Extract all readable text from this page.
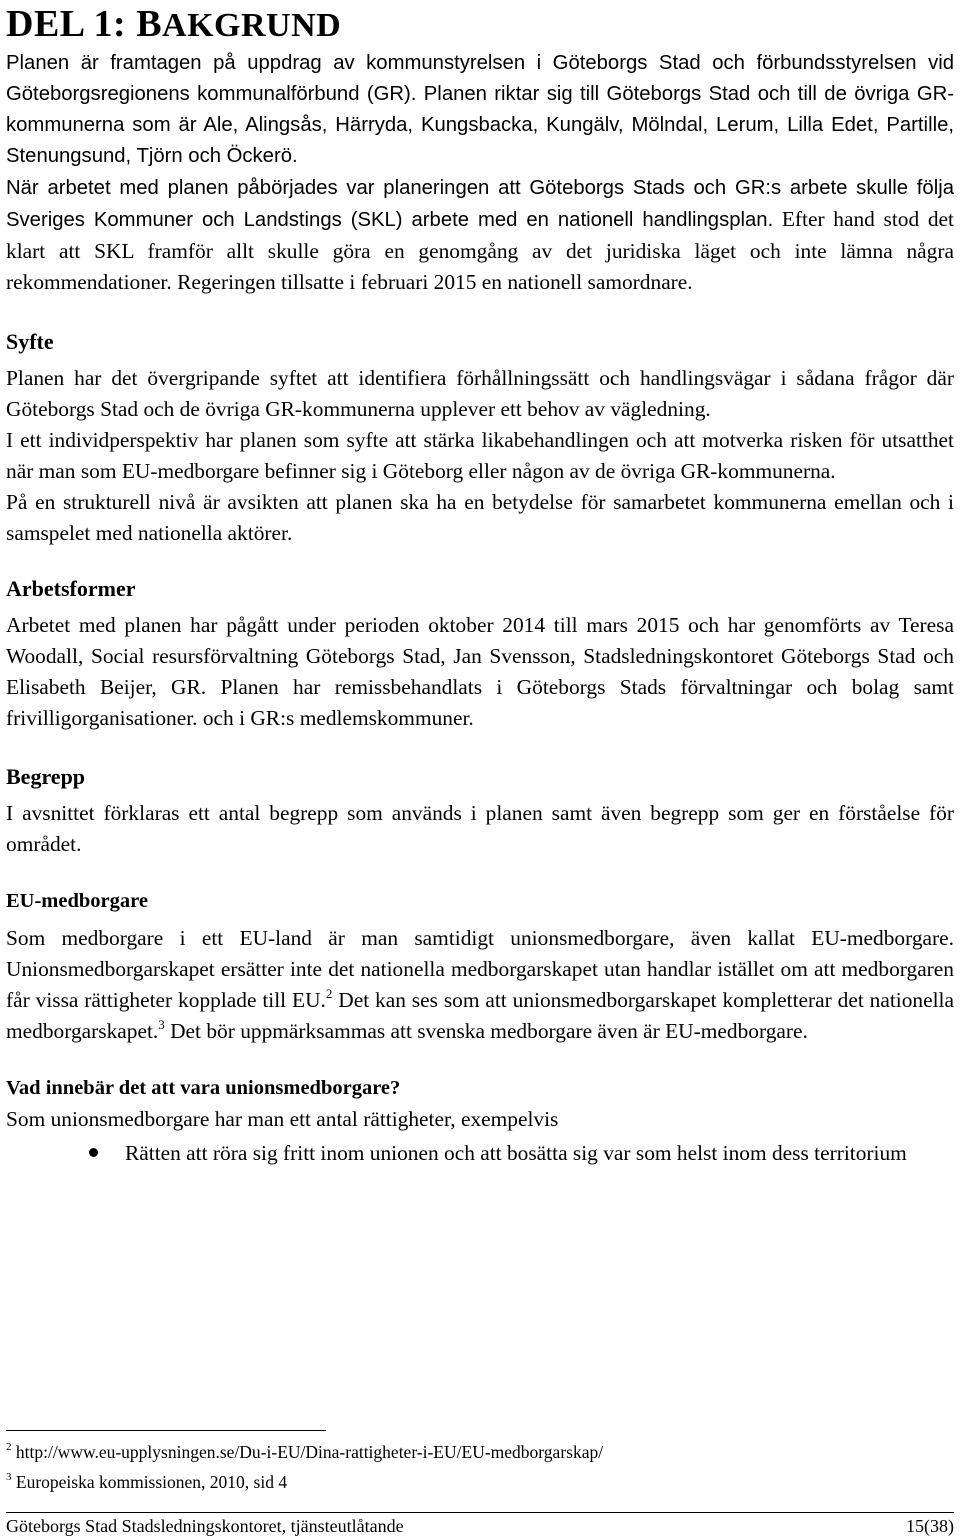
DEL 1: BAKGRUND

Planen är framtagen på uppdrag av kommunstyrelsen i Göteborgs Stad och förbundsstyrelsen vid Göteborgsregionens kommunalförbund (GR). Planen riktar sig till Göteborgs Stad och till de övriga GR-kommunerna som är Ale, Alingsås, Härryda, Kungsbacka, Kungälv, Mölndal, Lerum, Lilla Edet, Partille, Stenungsund, Tjörn och Öckerö.

När arbetet med planen påbörjades var planeringen att Göteborgs Stads och GR:s arbete skulle följa Sveriges Kommuner och Landstings (SKL) arbete med en nationell handlingsplan. Efter hand stod det klart att SKL framför allt skulle göra en genomgång av det juridiska läget och inte lämna några rekommendationer. Regeringen tillsatte i februari 2015 en nationell samordnare.

Syfte

Planen har det övergripande syftet att identifiera förhållningssätt och handlingsvägar i sådana frågor där Göteborgs Stad och de övriga GR-kommunerna upplever ett behov av vägledning.

I ett individperspektiv har planen som syfte att stärka likabehandlingen och att motverka risken för utsatthet när man som EU-medborgare befinner sig i Göteborg eller någon av de övriga GR-kommunerna.

På en strukturell nivå är avsikten att planen ska ha en betydelse för samarbetet kommunerna emellan och i samspelet med nationella aktörer.

Arbetsformer

Arbetet med planen har pågått under perioden oktober 2014 till mars 2015 och har genomförts av Teresa Woodall, Social resursförvaltning Göteborgs Stad, Jan Svensson, Stadsledningskontoret Göteborgs Stad och Elisabeth Beijer, GR. Planen har remissbehandlats i Göteborgs Stads förvaltningar och bolag samt frivilligorganisationer. och i GR:s medlemskommuner.

Begrepp

I avsnittet förklaras ett antal begrepp som används i planen samt även begrepp som ger en förståelse för området.

EU-medborgare

Som medborgare i ett EU-land är man samtidigt unionsmedborgare, även kallat EU-medborgare. Unionsmedborgarskapet ersätter inte det nationella medborgarskapet utan handlar istället om att medborgaren får vissa rättigheter kopplade till EU.$^2$ Det kan ses som att unionsmedborgarskapet kompletterar det nationella medborgarskapet.$^3$ Det bör uppmärksammas att svenska medborgare även är EU-medborgare.

Vad innebär det att vara unionsmedborgare?

Som unionsmedborgare har man ett antal rättigheter, exempelvis

Rätten att röra sig fritt inom unionen och att bosätta sig var som helst inom dess territorium
$^2$ http://www.eu-upplysningen.se/Du-i-EU/Dina-rattigheter-i-EU/EU-medborgarskap/
$^3$ Europeiska kommissionen, 2010, sid 4
Göteborgs Stad Stadsledningskontoret, tjänsteutlåtande	15(38)
